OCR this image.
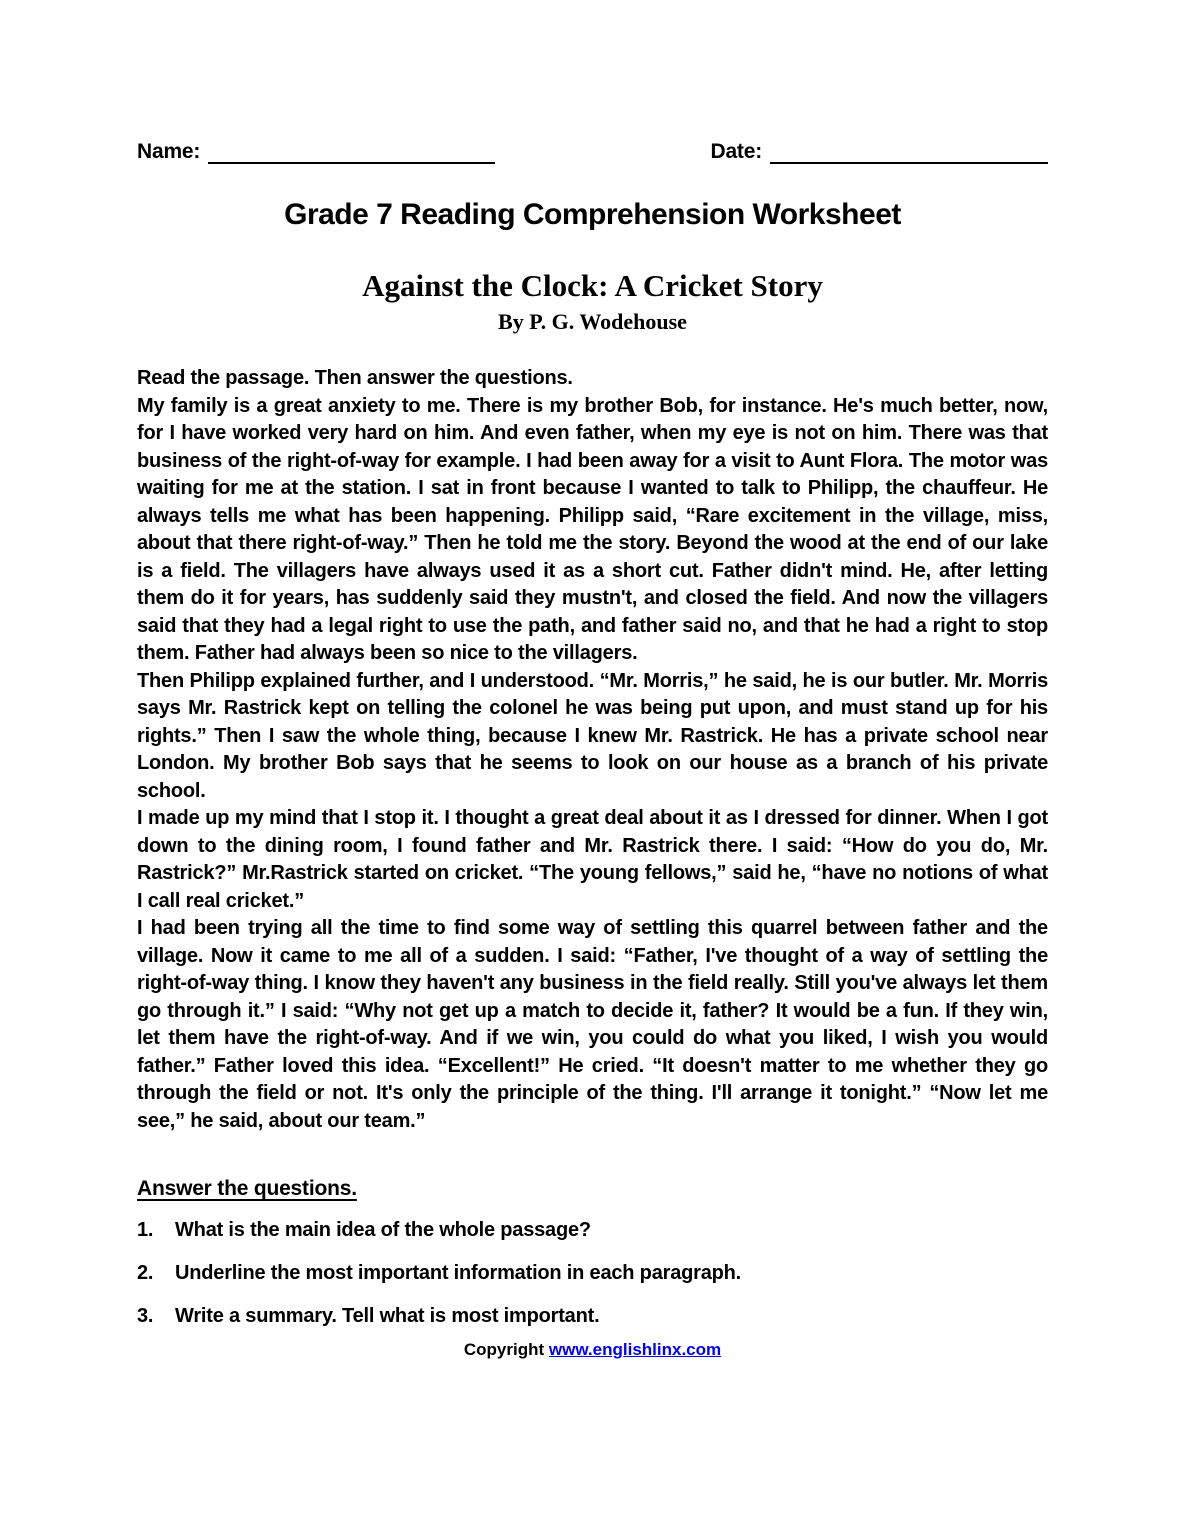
Name:	Date:
Grade 7 Reading Comprehension Worksheet
Against the Clock: A Cricket Story
By P. G. Wodehouse

Read the passage. Then answer the questions.

My family is a great anxiety to me. There is my brother Bob, for instance. He's much better, now, for I have worked very hard on him. And even father, when my eye is not on him. There was that business of the right-of-way for example. I had been away for a visit to Aunt Flora. The motor was waiting for me at the station. I sat in front because I wanted to talk to Philipp, the chauffeur. He always tells me what has been happening. Philipp said, “Rare excitement in the village, miss, about that there right-of-way.” Then he told me the story. Beyond the wood at the end of our lake is a field. The villagers have always used it as a short cut. Father didn't mind. He, after letting them do it for years, has suddenly said they mustn't, and closed the field. And now the villagers said that they had a legal right to use the path, and father said no, and that he had a right to stop them. Father had always been so nice to the villagers.

Then Philipp explained further, and I understood. “Mr. Morris,” he said, he is our butler. Mr. Morris says Mr. Rastrick kept on telling the colonel he was being put upon, and must stand up for his rights.” Then I saw the whole thing, because I knew Mr. Rastrick. He has a private school near London. My brother Bob says that he seems to look on our house as a branch of his private school.

I made up my mind that I stop it. I thought a great deal about it as I dressed for dinner. When I got down to the dining room, I found father and Mr. Rastrick there. I said: “How do you do, Mr. Rastrick?” Mr.Rastrick started on cricket. “The young fellows,” said he, “have no notions of what I call real cricket.”

I had been trying all the time to find some way of settling this quarrel between father and the village. Now it came to me all of a sudden. I said: “Father, I've thought of a way of settling the right-of-way thing. I know they haven't any business in the field really. Still you've always let them go through it.” I said: “Why not get up a match to decide it, father? It would be a fun. If they win, let them have the right-of-way. And if we win, you could do what you liked, I wish you would father.” Father loved this idea. “Excellent!” He cried. “It doesn't matter to me whether they go through the field or not. It's only the principle of the thing. I'll arrange it tonight.” “Now let me see,” he said, about our team.”

Answer the questions.
1.	What is the main idea of the whole passage?
2.	Underline the most important information in each paragraph.
3.	Write a summary. Tell what is most important.
Copyright www.englishlinx.com
